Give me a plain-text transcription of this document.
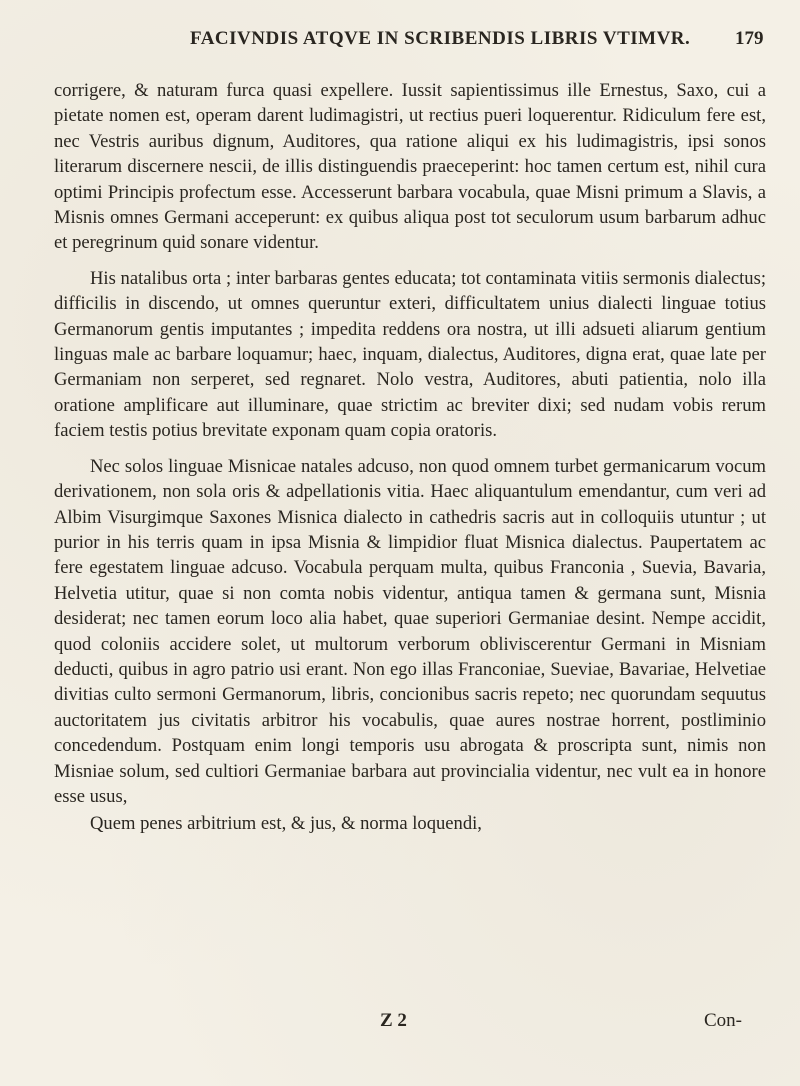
FACIVNDIS ATQVE IN SCRIBENDIS LIBRIS VTIMVR. 179

corrigere, & naturam furca quasi expellere. Iussit sapientissimus ille Ernestus, Saxo, cui a pietate nomen est, operam darent ludimagistri, ut rectius pueri loquerentur. Ridiculum fere est, nec Vestris auribus dignum, Auditores, qua ratione aliqui ex his ludimagistris, ipsi sonos literarum discernere nescii, de illis distinguendis praeceperint: hoc tamen certum est, nihil cura optimi Principis profectum esse. Accesserunt barbara vocabula, quae Misni primum a Slavis, a Misnis omnes Germani acceperunt: ex quibus aliqua post tot seculorum usum barbarum adhuc et peregrinum quid sonare videntur.

His natalibus orta ; inter barbaras gentes educata; tot contaminata vitiis sermonis dialectus; difficilis in discendo, ut omnes queruntur exteri, difficultatem unius dialecti linguae totius Germanorum gentis imputantes ; impedita reddens ora nostra, ut illi adsueti aliarum gentium linguas male ac barbare loquamur; haec, inquam, dialectus, Auditores, digna erat, quae late per Germaniam non serperet, sed regnaret. Nolo vestra, Auditores, abuti patientia, nolo illa oratione amplificare aut illuminare, quae strictim ac breviter dixi; sed nudam vobis rerum faciem testis potius brevitate exponam quam copia oratoris.

Nec solos linguae Misnicae natales adcuso, non quod omnem turbet germanicarum vocum derivationem, non sola oris & adpellationis vitia. Haec aliquantulum emendantur, cum veri ad Albim Visurgimque Saxones Misnica dialecto in cathedris sacris aut in colloquiis utuntur ; ut purior in his terris quam in ipsa Misnia & limpidior fluat Misnica dialectus. Paupertatem ac fere egestatem linguae adcuso. Vocabula perquam multa, quibus Franconia , Suevia, Bavaria, Helvetia utitur, quae si non comta nobis videntur, antiqua tamen & germana sunt, Misnia desiderat; nec tamen eorum loco alia habet, quae superiori Germaniae desint. Nempe accidit, quod coloniis accidere solet, ut multorum verborum obliviscerentur Germani in Misniam deducti, quibus in agro patrio usi erant. Non ego illas Franconiae, Sueviae, Bavariae, Helvetiae divitias culto sermoni Germanorum, libris, concionibus sacris repeto; nec quorundam sequutus auctoritatem jus civitatis arbitror his vocabulis, quae aures nostrae horrent, postliminio concedendum. Postquam enim longi temporis usu abrogata & proscripta sunt, nimis non Misniae solum, sed cultiori Germaniae barbara aut provincialia videntur, nec vult ea in honore esse usus,

Quem penes arbitrium est, & jus, & norma loquendi,

Z 2	Con-
